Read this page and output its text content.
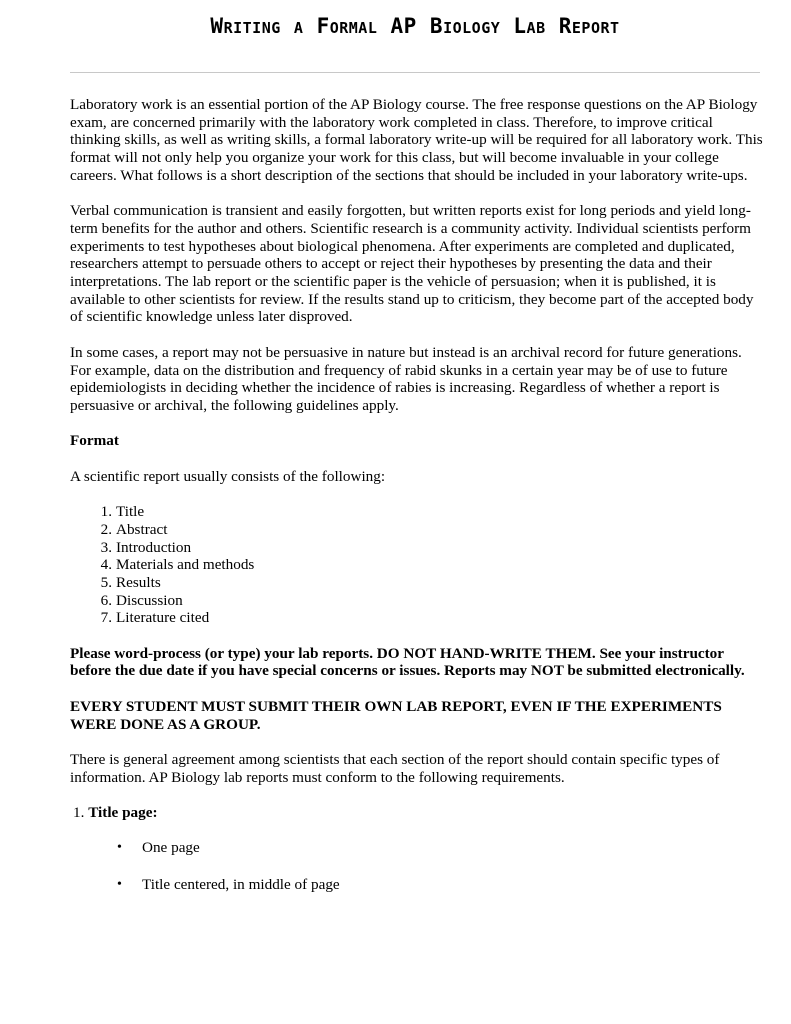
Writing a Formal AP Biology Lab Report

Laboratory work is an essential portion of the AP Biology course. The free response questions on the AP Biology exam, are concerned primarily with the laboratory work completed in class. Therefore, to improve critical thinking skills, as well as writing skills, a formal laboratory write-up will be required for all laboratory work. This format will not only help you organize your work for this class, but will become invaluable in your college careers. What follows is a short description of the sections that should be included in your laboratory write-ups.

Verbal communication is transient and easily forgotten, but written reports exist for long periods and yield long-term benefits for the author and others. Scientific research is a community activity. Individual scientists perform experiments to test hypotheses about biological phenomena. After experiments are completed and duplicated, researchers attempt to persuade others to accept or reject their hypotheses by presenting the data and their interpretations. The lab report or the scientific paper is the vehicle of persuasion; when it is published, it is available to other scientists for review. If the results stand up to criticism, they become part of the accepted body of scientific knowledge unless later disproved.

In some cases, a report may not be persuasive in nature but instead is an archival record for future generations. For example, data on the distribution and frequency of rabid skunks in a certain year may be of use to future epidemiologists in deciding whether the incidence of rabies is increasing. Regardless of whether a report is persuasive or archival, the following guidelines apply.

Format

A scientific report usually consists of the following:

1. Title
2. Abstract
3. Introduction
4. Materials and methods
5. Results
6. Discussion
7. Literature cited

Please word-process (or type) your lab reports. DO NOT HAND-WRITE THEM. See your instructor before the due date if you have special concerns or issues. Reports may NOT be submitted electronically.

EVERY STUDENT MUST SUBMIT THEIR OWN LAB REPORT, EVEN IF THE EXPERIMENTS WERE DONE AS A GROUP.

There is general agreement among scientists that each section of the report should contain specific types of information. AP Biology lab reports must conform to the following requirements.

1. Title page:
• One page
• Title centered, in middle of page
